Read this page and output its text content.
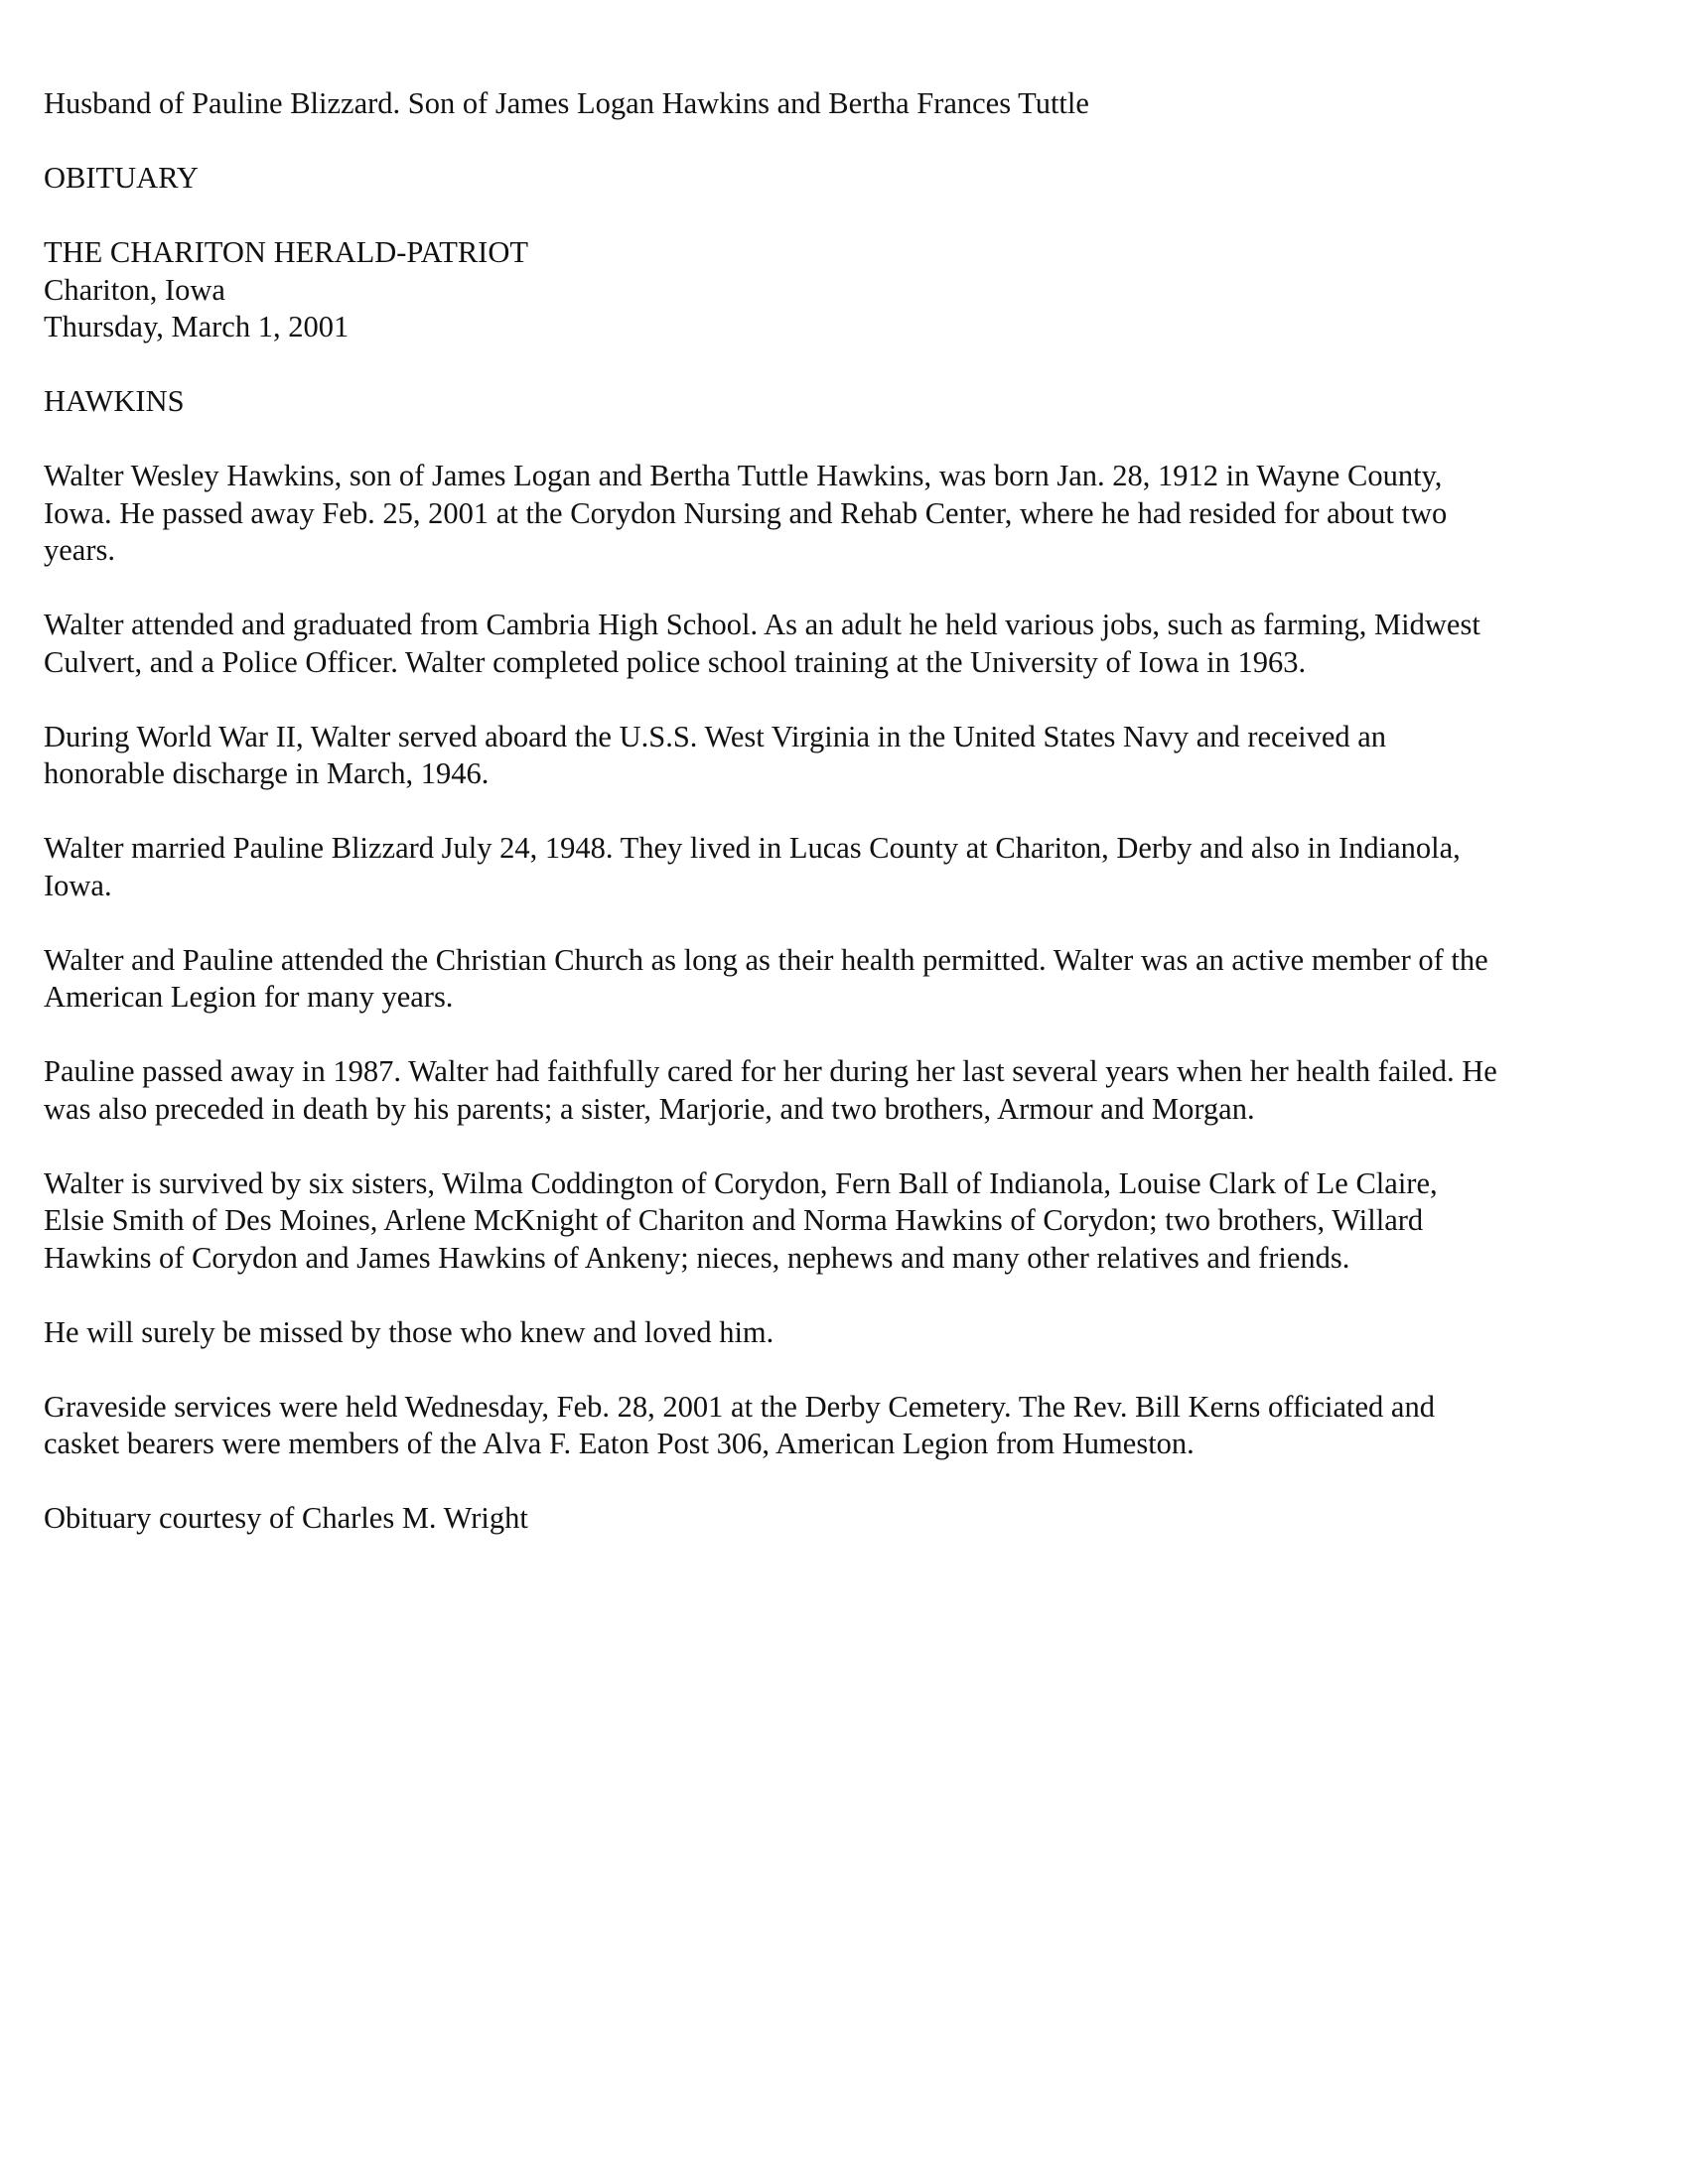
Husband of Pauline Blizzard. Son of James Logan Hawkins and Bertha Frances Tuttle

OBITUARY

THE CHARITON HERALD-PATRIOT
Chariton, Iowa
Thursday, March 1, 2001

HAWKINS

Walter Wesley Hawkins, son of James Logan and Bertha Tuttle Hawkins, was born Jan. 28, 1912 in Wayne County,
Iowa. He passed away Feb. 25, 2001 at the Corydon Nursing and Rehab Center, where he had resided for about two
years.

Walter attended and graduated from Cambria High School. As an adult he held various jobs, such as farming, Midwest
Culvert, and a Police Officer. Walter completed police school training at the University of Iowa in 1963.

During World War II, Walter served aboard the U.S.S. West Virginia in the United States Navy and received an
honorable discharge in March, 1946.

Walter married Pauline Blizzard July 24, 1948. They lived in Lucas County at Chariton, Derby and also in Indianola,
Iowa.

Walter and Pauline attended the Christian Church as long as their health permitted. Walter was an active member of the
American Legion for many years.

Pauline passed away in 1987. Walter had faithfully cared for her during her last several years when her health failed. He
was also preceded in death by his parents; a sister, Marjorie, and two brothers, Armour and Morgan.

Walter is survived by six sisters, Wilma Coddington of Corydon, Fern Ball of Indianola, Louise Clark of Le Claire,
Elsie Smith of Des Moines, Arlene McKnight of Chariton and Norma Hawkins of Corydon; two brothers, Willard
Hawkins of Corydon and James Hawkins of Ankeny; nieces, nephews and many other relatives and friends.

He will surely be missed by those who knew and loved him.

Graveside services were held Wednesday, Feb. 28, 2001 at the Derby Cemetery. The Rev. Bill Kerns officiated and
casket bearers were members of the Alva F. Eaton Post 306, American Legion from Humeston.

Obituary courtesy of Charles M. Wright
